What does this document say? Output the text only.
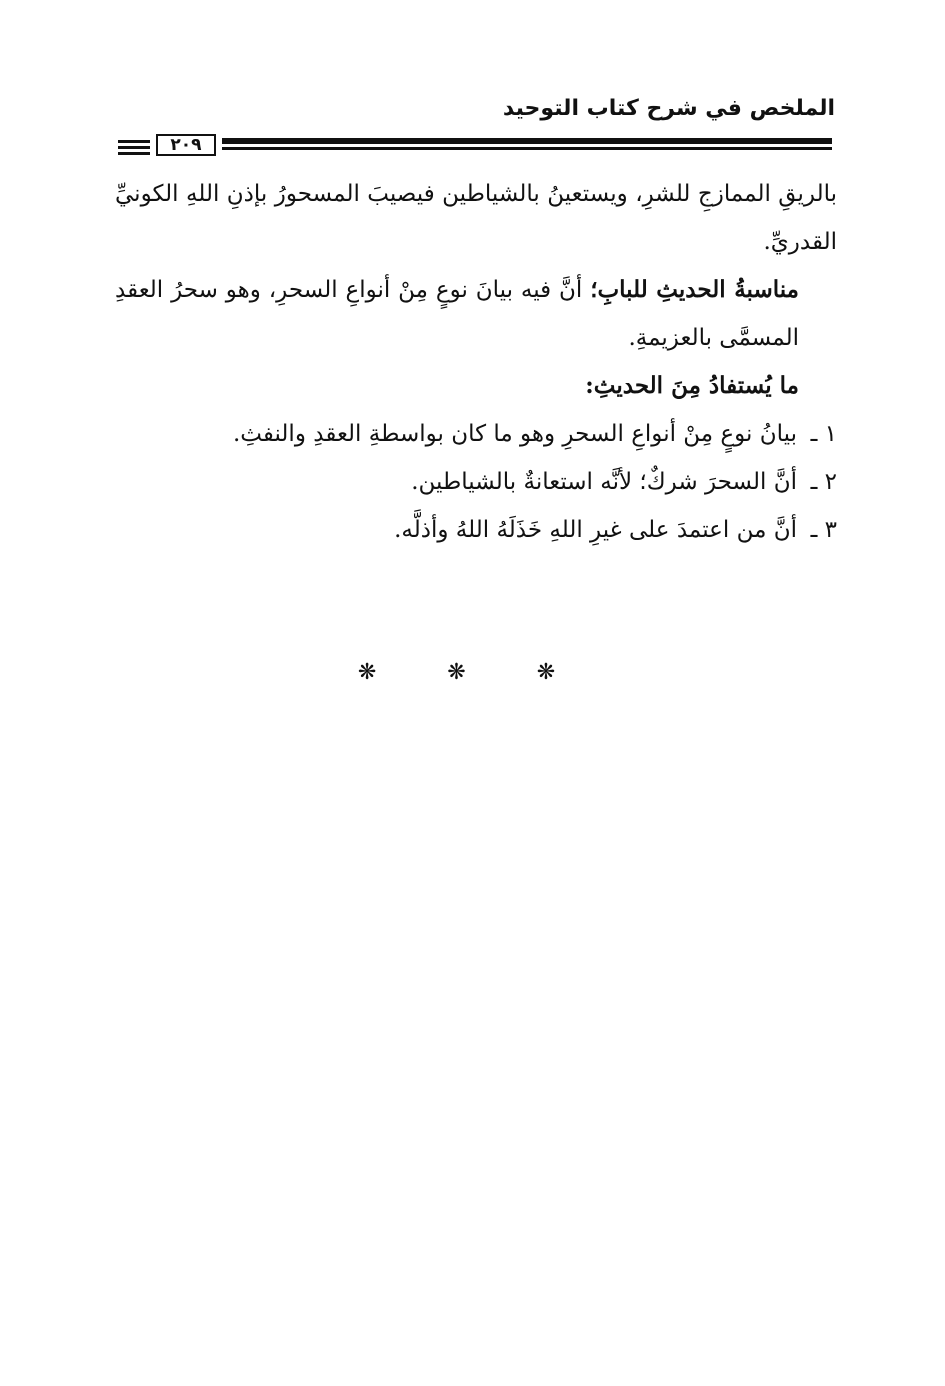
الملخص في شرح كتاب التوحيد
٢٠٩

بالريقِ الممازجِ للشرِ، ويستعينُ بالشياطين فيصيبَ المسحورُ بإذنِ اللهِ الكونيِّ القدريِّ.

مناسبةُ الحديثِ للبابِ؛ أنَّ فيه بيانَ نوعٍ مِنْ أنواعِ السحرِ، وهو سحرُ العقدِ المسمَّى بالعزيمةِ.

ما يُستفادُ مِنَ الحديثِ:

١ ـ
بيانُ نوعٍ مِنْ أنواعِ السحرِ وهو ما كان بواسطةِ العقدِ والنفثِ.
٢ ـ
أنَّ السحرَ شركٌ؛ لأنَّه استعانةٌ بالشياطين.
٣ ـ
أنَّ من اعتمدَ على غيرِ اللهِ خَذَلَهُ اللهُ وأذلَّه.
❋ ❋ ❋
